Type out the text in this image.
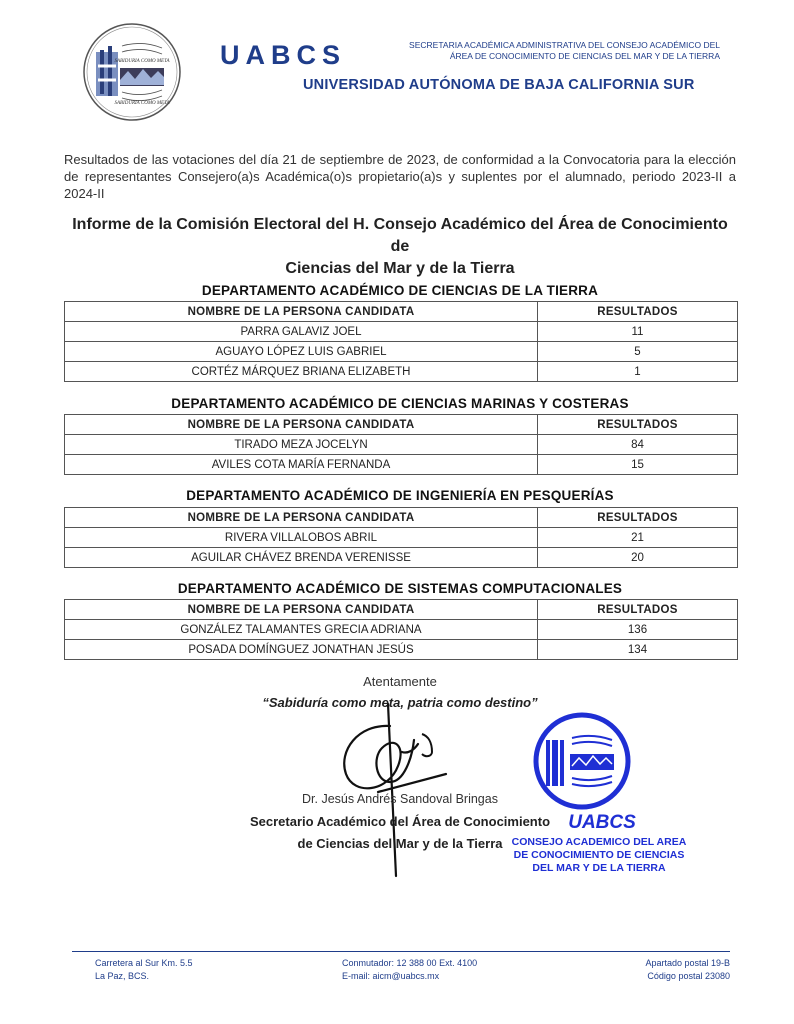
SABIDURIA COMO META
SABIDURIA COMO META
UABCS
UNIVERSIDAD AUTÓNOMA DE BAJA CALIFORNIA SUR
SECRETARIA ACADÉMICA ADMINISTRATIVA DEL CONSEJO ACADÉMICO DEL
ÁREA DE CONOCIMIENTO DE CIENCIAS DEL MAR Y DE LA TIERRA
Resultados de las votaciones del día 21 de septiembre de 2023, de conformidad a la Convocatoria para la elección de representantes Consejero(a)s Académica(o)s propietario(a)s y suplentes por el alumnado, periodo 2023-II a 2024-II
Informe de la Comisión Electoral del H. Consejo Académico del Área de Conocimiento de
Ciencias del Mar y de la Tierra
DEPARTAMENTO ACADÉMICO DE CIENCIAS DE LA TIERRA
NOMBRE DE LA PERSONA CANDIDATA	RESULTADOS
PARRA GALAVIZ JOEL	11
AGUAYO LÓPEZ LUIS GABRIEL	5
CORTÉZ MÁRQUEZ BRIANA ELIZABETH	1
DEPARTAMENTO ACADÉMICO DE CIENCIAS MARINAS Y COSTERAS
NOMBRE DE LA PERSONA CANDIDATA	RESULTADOS
TIRADO MEZA JOCELYN	84
AVILES COTA MARÍA FERNANDA	15
DEPARTAMENTO ACADÉMICO DE INGENIERÍA EN PESQUERÍAS
NOMBRE DE LA PERSONA CANDIDATA	RESULTADOS
RIVERA VILLALOBOS ABRIL	21
AGUILAR CHÁVEZ BRENDA VERENISSE	20
DEPARTAMENTO ACADÉMICO DE SISTEMAS COMPUTACIONALES
NOMBRE DE LA PERSONA CANDIDATA	RESULTADOS
GONZÁLEZ TALAMANTES GRECIA ADRIANA	136
POSADA DOMÍNGUEZ JONATHAN JESÚS	134
Atentamente
“Sabiduría como meta, patria como destino”
UABCS
CONSEJO ACADEMICO DEL AREA
DE CONOCIMIENTO DE CIENCIAS
DEL MAR Y DE LA TIERRA
Dr. Jesús Andrés Sandoval Bringas
Secretario Académico del Área de Conocimiento
de Ciencias del Mar y de la Tierra
Carretera al Sur Km. 5.5
La Paz, BCS.
Conmutador: 12 388 00 Ext. 4100
E-mail: aicm@uabcs.mx
Apartado postal 19-B
Código postal 23080
